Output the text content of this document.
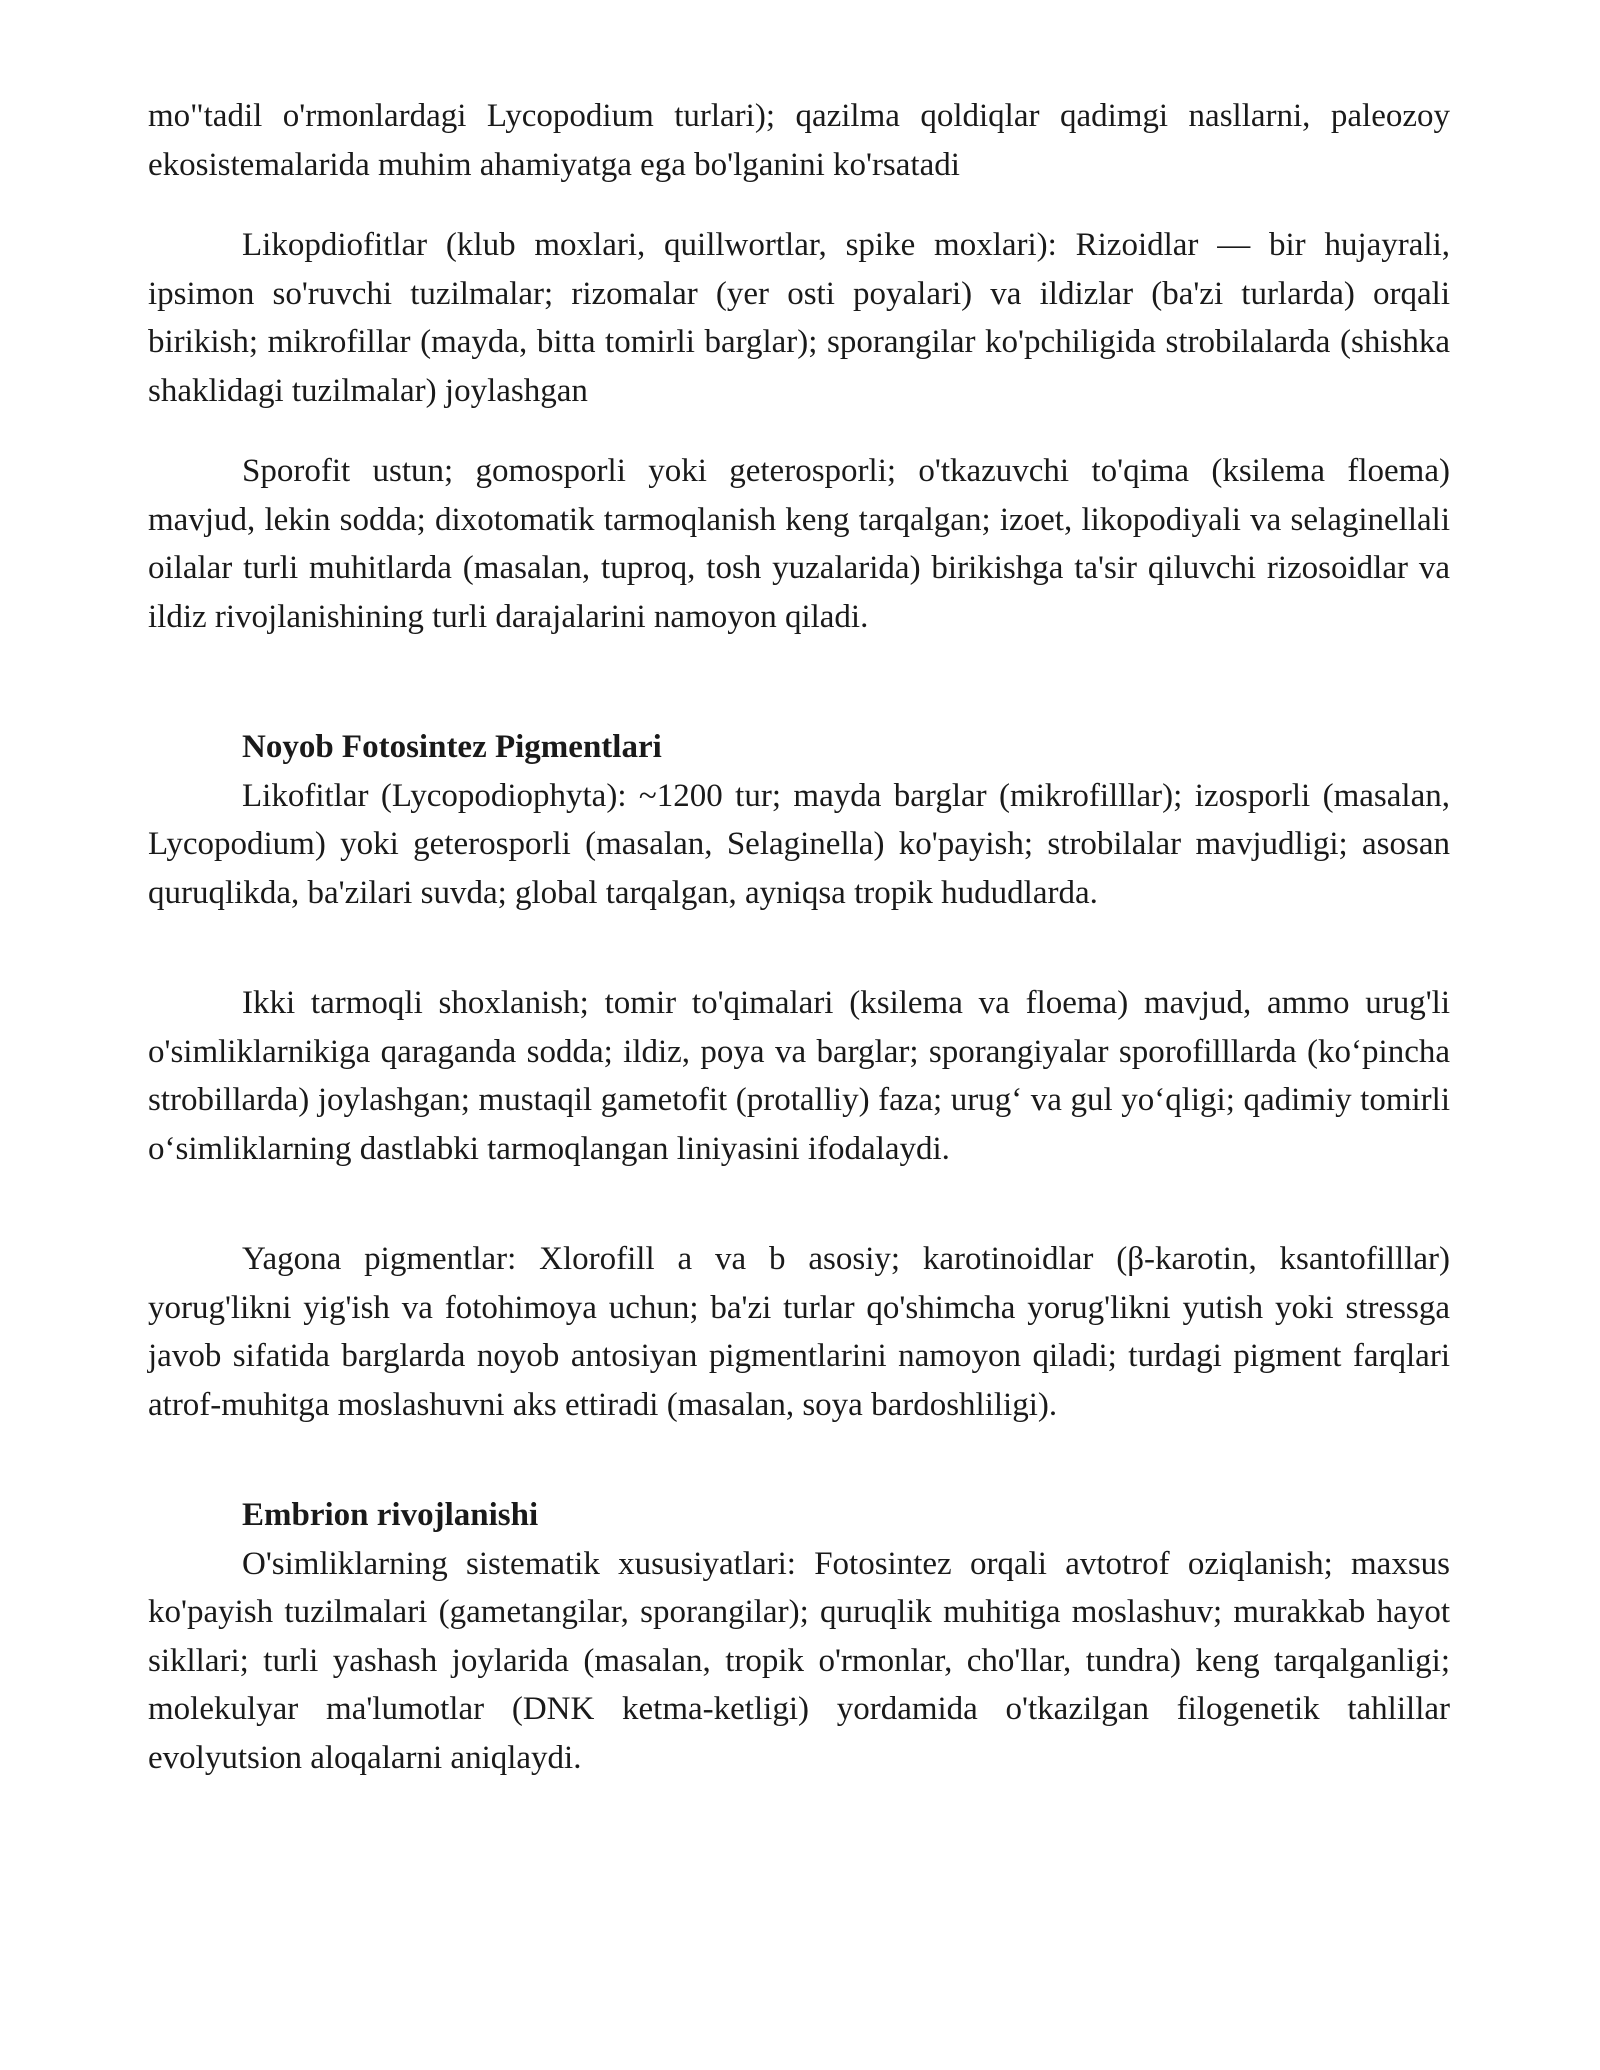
mo"tadil o'rmonlardagi Lycopodium turlari); qazilma qoldiqlar qadimgi nasllarni, paleozoy ekosistemalarida muhim ahamiyatga ega bo'lganini ko'rsatadi

Likopdiofitlar (klub moxlari, quillwortlar, spike moxlari): Rizoidlar — bir hujayrali, ipsimon so'ruvchi tuzilmalar; rizomalar (yer osti poyalari) va ildizlar (ba'zi turlarda) orqali birikish; mikrofillar (mayda, bitta tomirli barglar); sporangilar ko'pchiligida strobilalarda (shishka shaklidagi tuzilmalar) joylashgan

Sporofit ustun; gomosporli yoki geterosporli; o'tkazuvchi to'qima (ksilema floema) mavjud, lekin sodda; dixotomatik tarmoqlanish keng tarqalgan; izoet, likopodiyali va selaginellali oilalar turli muhitlarda (masalan, tuproq, tosh yuzalarida) birikishga ta'sir qiluvchi rizosoidlar va ildiz rivojlanishining turli darajalarini namoyon qiladi.

Noyob Fotosintez Pigmentlari

Likofitlar (Lycopodiophyta): ~1200 tur; mayda barglar (mikrofilllar); izosporli (masalan, Lycopodium) yoki geterosporli (masalan, Selaginella) ko'payish; strobilalar mavjudligi; asosan quruqlikda, ba'zilari suvda; global tarqalgan, ayniqsa tropik hududlarda.

Ikki tarmoqli shoxlanish; tomir to'qimalari (ksilema va floema) mavjud, ammo urug'li o'simliklarnikiga qaraganda sodda; ildiz, poya va barglar; sporangiyalar sporofilllarda (ko‘pincha strobillarda) joylashgan; mustaqil gametofit (protalliy) faza; urug‘ va gul yo‘qligi; qadimiy tomirli o‘simliklarning dastlabki tarmoqlangan liniyasini ifodalaydi.

Yagona pigmentlar: Xlorofill a va b asosiy; karotinoidlar (β-karotin, ksantofilllar) yorug'likni yig'ish va fotohimoya uchun; ba'zi turlar qo'shimcha yorug'likni yutish yoki stressga javob sifatida barglarda noyob antosiyan pigmentlarini namoyon qiladi; turdagi pigment farqlari atrof-muhitga moslashuvni aks ettiradi (masalan, soya bardoshliligi).

Embrion rivojlanishi

O'simliklarning sistematik xususiyatlari: Fotosintez orqali avtotrof oziqlanish; maxsus ko'payish tuzilmalari (gametangilar, sporangilar); quruqlik muhitiga moslashuv; murakkab hayot sikllari; turli yashash joylarida (masalan, tropik o'rmonlar, cho'llar, tundra) keng tarqalganligi; molekulyar ma'lumotlar (DNK ketma-ketligi) yordamida o'tkazilgan filogenetik tahlillar evolyutsion aloqalarni aniqlaydi.
